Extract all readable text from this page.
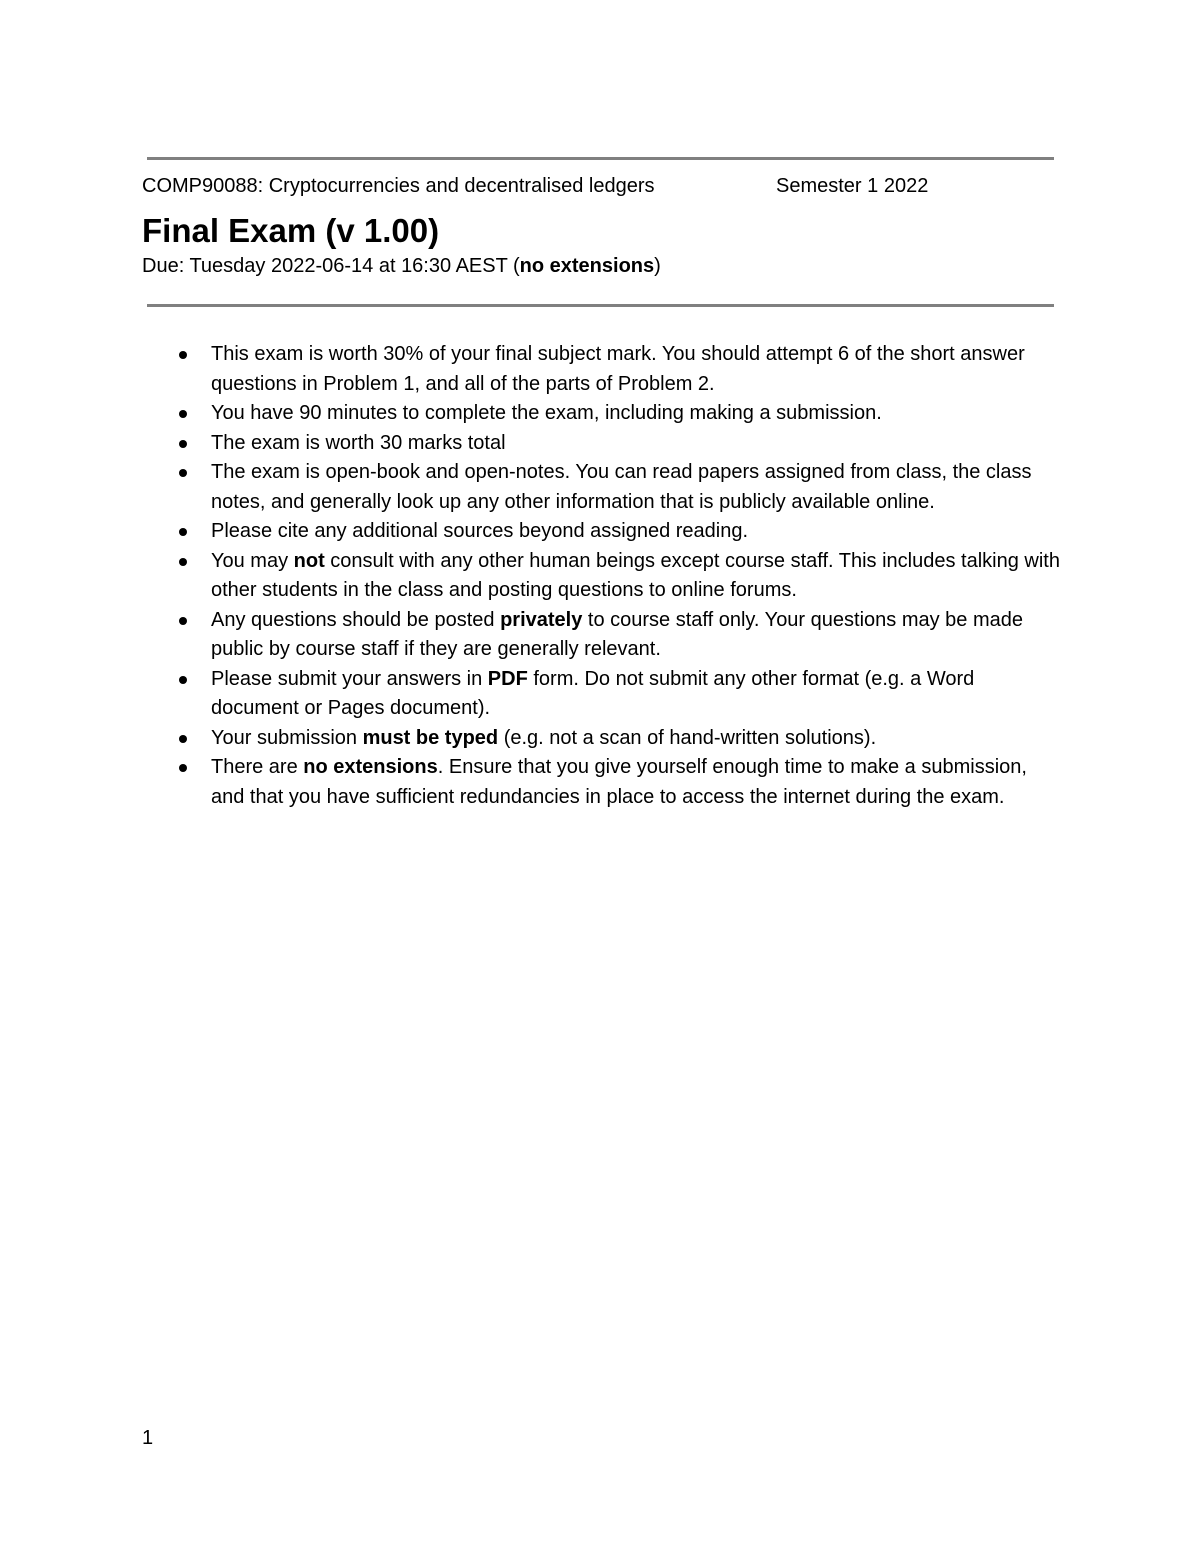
COMP90088: Cryptocurrencies and decentralised ledgers	Semester 1 2022
Final Exam (v 1.00)
Due: Tuesday 2022-06-14 at 16:30 AEST (no extensions)
This exam is worth 30% of your final subject mark. You should attempt 6 of the short answer questions in Problem 1, and all of the parts of Problem 2.
You have 90 minutes to complete the exam, including making a submission.
The exam is worth 30 marks total
The exam is open-book and open-notes. You can read papers assigned from class, the class notes, and generally look up any other information that is publicly available online.
Please cite any additional sources beyond assigned reading.
You may not consult with any other human beings except course staff. This includes talking with other students in the class and posting questions to online forums.
Any questions should be posted privately to course staff only. Your questions may be made public by course staff if they are generally relevant.
Please submit your answers in PDF form. Do not submit any other format (e.g. a Word document or Pages document).
Your submission must be typed (e.g. not a scan of hand-written solutions).
There are no extensions. Ensure that you give yourself enough time to make a submission, and that you have sufficient redundancies in place to access the internet during the exam.
1
